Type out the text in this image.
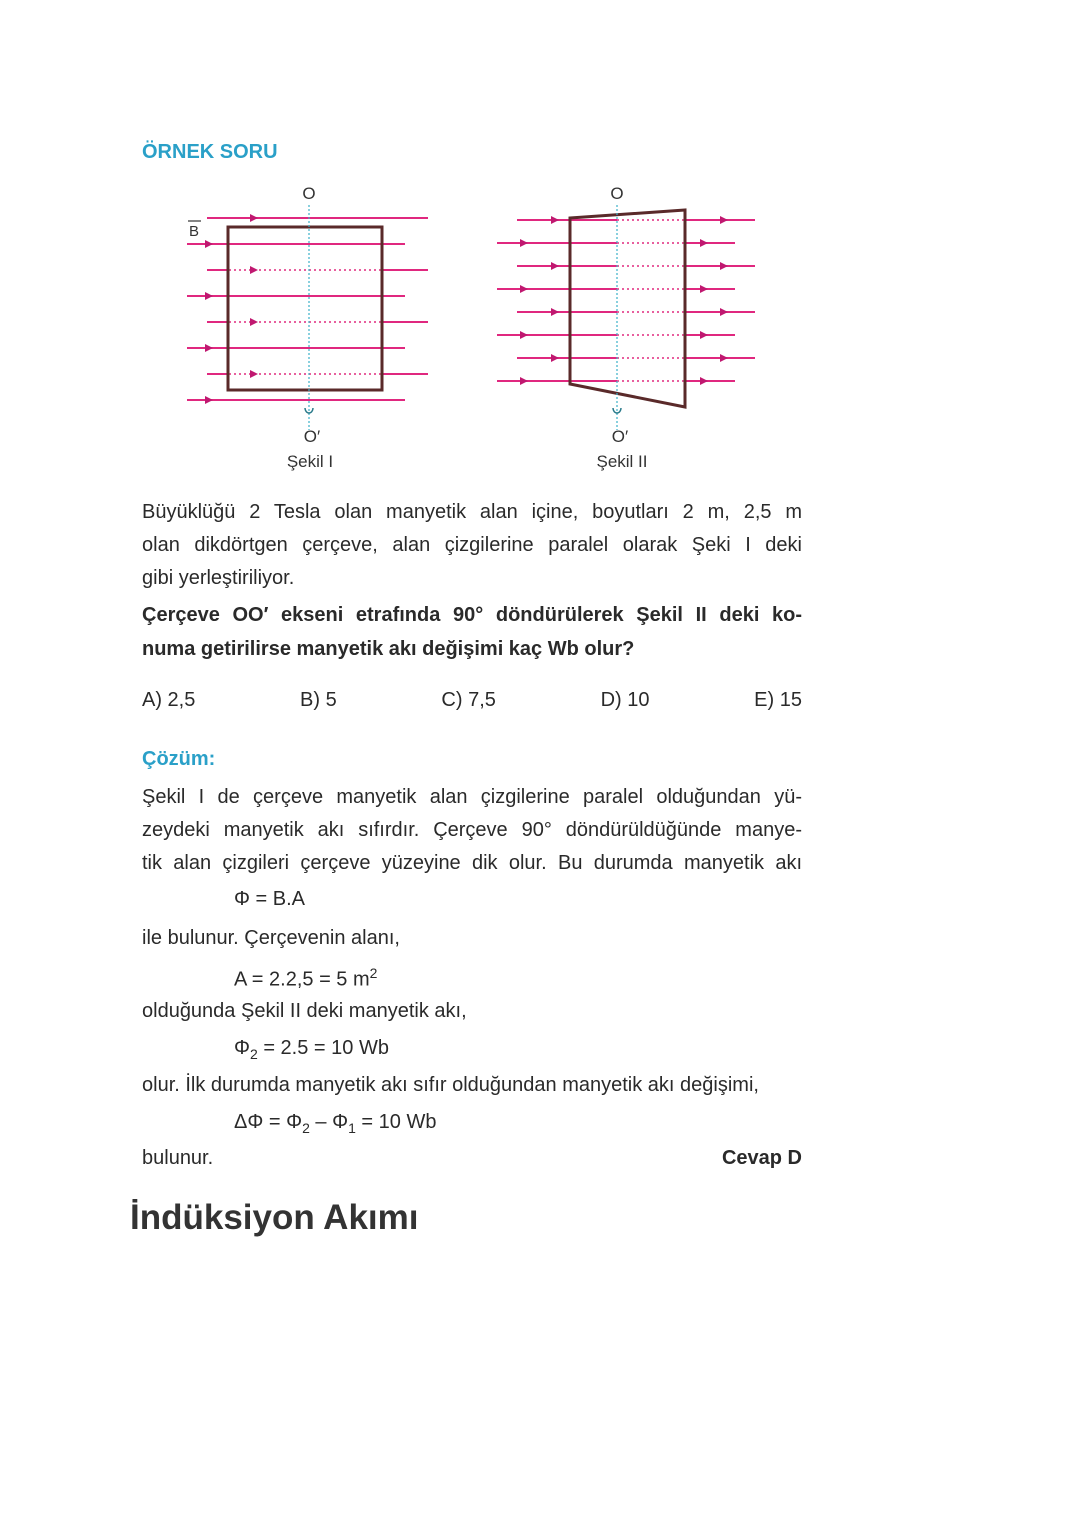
ÖRNEK SORU
B
O
O′
Şekil I
O
O′
Şekil II
Büyüklüğü 2 Tesla olan manyetik alan içine, boyutları 2 m, 2,5 m
olan dikdörtgen çerçeve, alan çizgilerine paralel olarak Şeki I deki
gibi yerleştiriliyor.
Çerçeve OO′ ekseni etrafında 90° döndürülerek Şekil II deki ko-
numa getirilirse manyetik akı değişimi kaç Wb olur?
A) 2,5	B) 5	C) 7,5	D) 10	E) 15
Çözüm:
Şekil I de çerçeve manyetik alan çizgilerine paralel olduğundan yü-
zeydeki manyetik akı sıfırdır. Çerçeve 90° döndürüldüğünde manye-
tik alan çizgileri çerçeve yüzeyine dik olur. Bu durumda manyetik akı
Φ = B.A
ile bulunur. Çerçevenin alanı,
A = 2.2,5 = 5 $m^2$
olduğunda Şekil II deki manyetik akı,
$\Phi_2 = 2.5 = 10$ Wb
olur. İlk durumda manyetik akı sıfır olduğundan manyetik akı değişimi,
$\Delta\Phi = \Phi_2 - \Phi_1 = 10$ Wb
bulunur.	Cevap D
İndüksiyon Akımı
